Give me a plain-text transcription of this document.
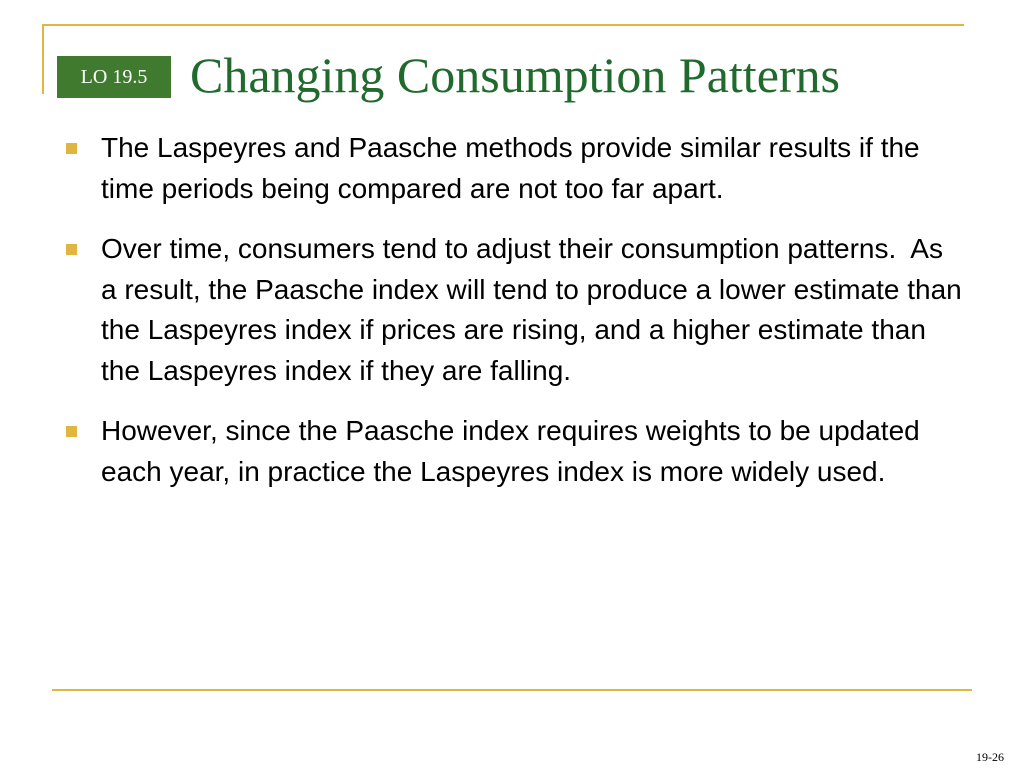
LO 19.5 Changing Consumption Patterns
The Laspeyres and Paasche methods provide similar results if the time periods being compared are not too far apart.
Over time, consumers tend to adjust their consumption patterns.  As a result, the Paasche index will tend to produce a lower estimate than the Laspeyres index if prices are rising, and a higher estimate than the Laspeyres index if they are falling.
However, since the Paasche index requires weights to be updated each year, in practice the Laspeyres index is more widely used.
19-26
